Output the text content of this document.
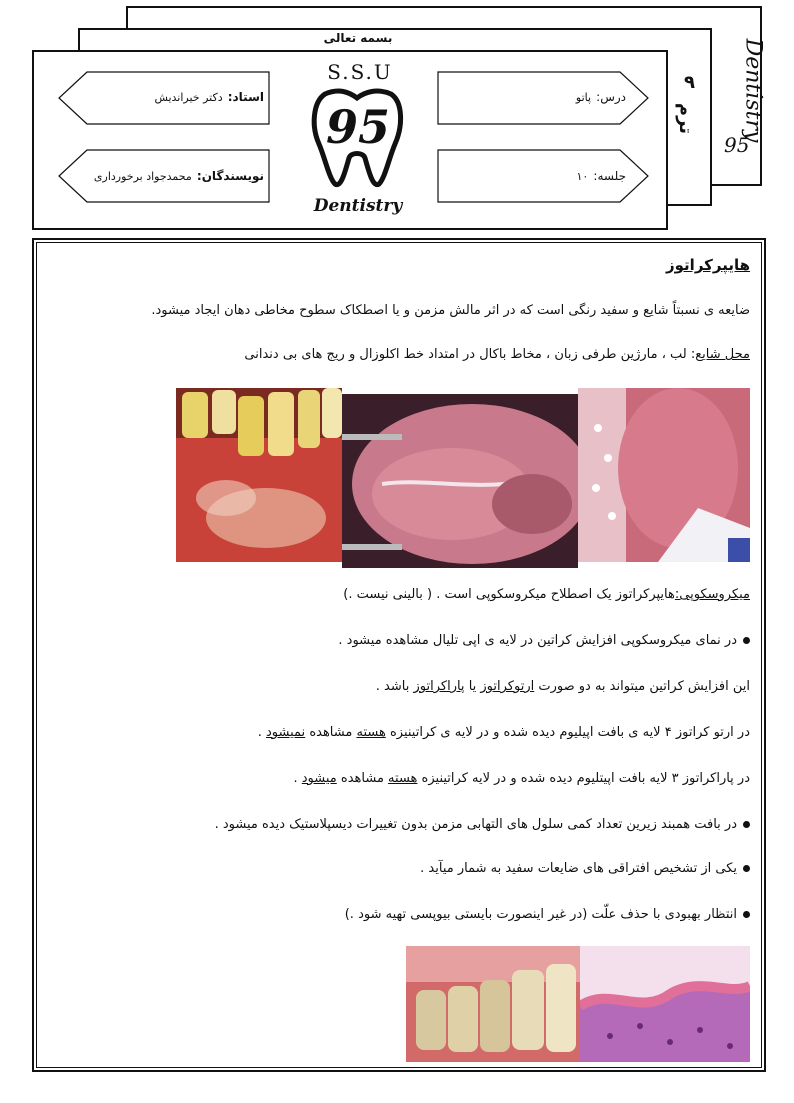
بسمه تعالی
Dentistry
95
۹
ترم
استاد: دکتر خیراندیش
نویسندگان: محمدجواد برخورداری
درس: پاتو
جلسه: ۱۰
S.S.U
95
Dentistry
هایپرکراتوز
ضایعه ی نسبتاً شایع و سفید رنگی است که در اثر مالش مزمن و یا اصطکاک سطوح مخاطی دهان ایجاد میشود.
محل شایع: لب ، مارژین طرفی زبان ، مخاط باکال در امتداد خط اکلوزال و ریج های بی دندانی
میکروسکوپی:هایپرکراتوز یک اصطلاح میکروسکوپی است . ( بالینی نیست .)
در نمای میکروسکوپی افزایش کراتین در لایه ی اپی تلیال مشاهده میشود .
این افزایش کراتین میتواند به دو صورت ارتوکراتوز یا پاراکراتوز باشد .
در ارتو کراتوز ۴ لایه ی بافت اپیلیوم دیده شده و در لایه ی کراتینیزه هسته مشاهده نمیشود .
در پاراکراتوز ۳ لایه بافت اپیتلیوم دیده شده و در لایه کراتینیزه هسته مشاهده میشود .
در بافت همبند زیرین تعداد کمی سلول های التهابی مزمن بدون تغییرات دیسپلاستیک دیده میشود .
یکی از تشخیص افتراقی های ضایعات سفید به شمار میآید .
انتظار بهبودی با حذف علّت (در غیر اینصورت بایستی بیوپسی تهیه شود .)
